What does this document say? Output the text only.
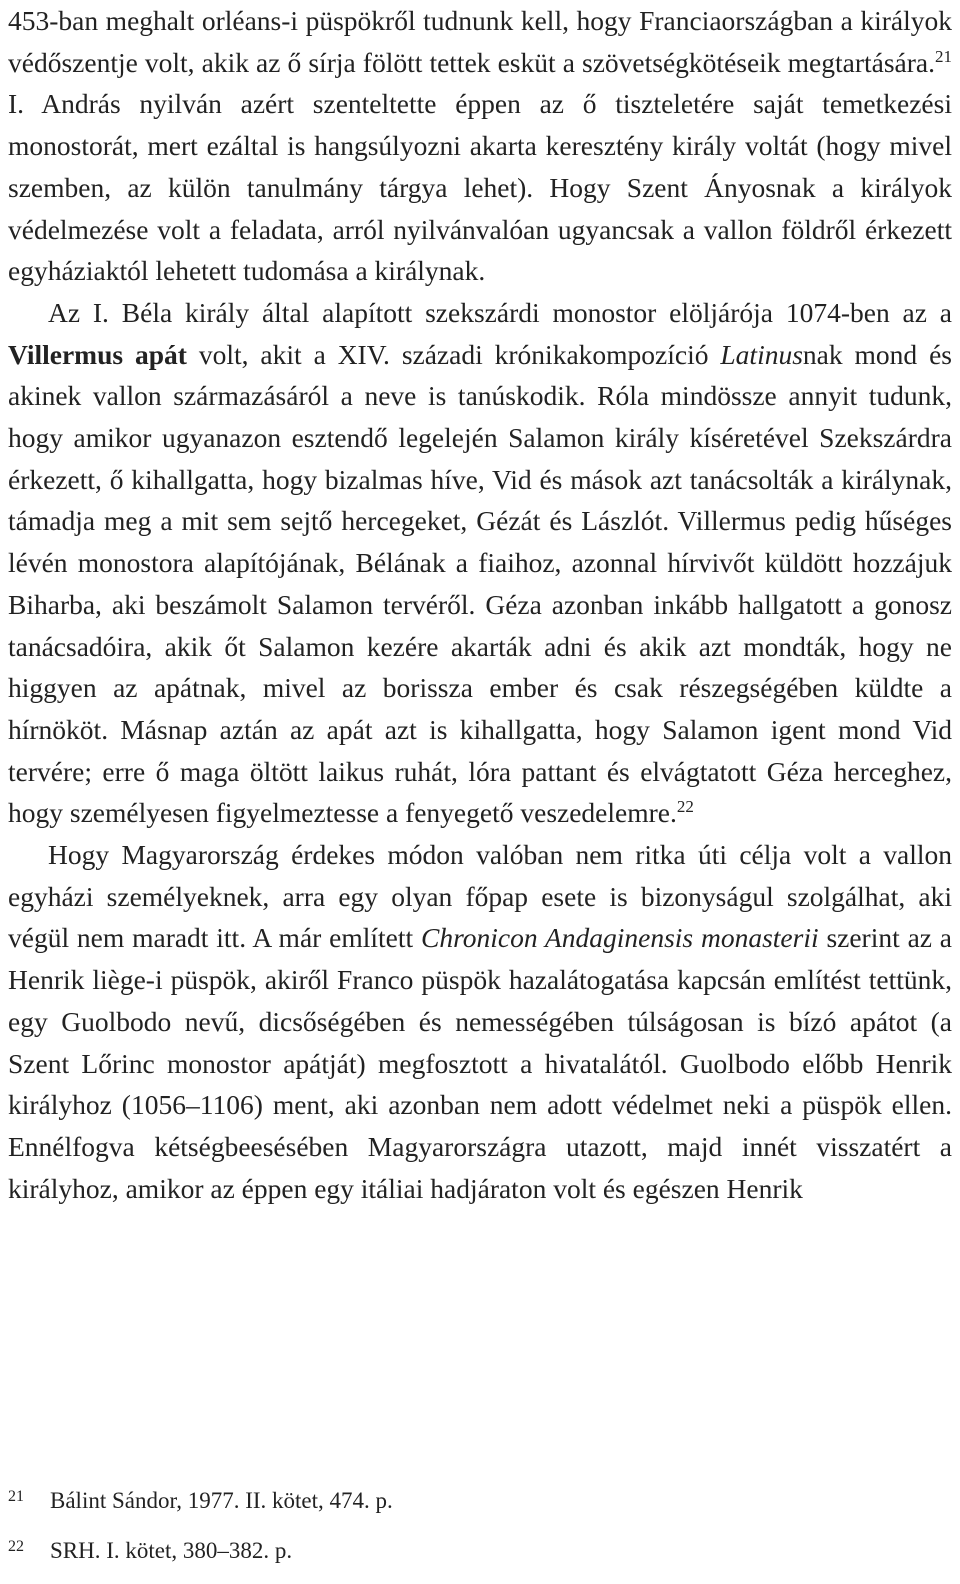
453-ban meghalt orléans-i püspökről tudnunk kell, hogy Franciaországban a királyok védőszentje volt, akik az ő sírja fölött tettek esküt a szövetségkötéseik megtartására.$^{21}$ I. András nyilván azért szenteltette éppen az ő tiszteletére saját temetkezési monostorát, mert ezáltal is hangsúlyozni akarta keresztény király voltát (hogy mivel szemben, az külön tanulmány tárgya lehet). Hogy Szent Ányosnak a királyok védelmezése volt a feladata, arról nyilvánvalóan ugyancsak a vallon földről érkezett egyháziaktól lehetett tudomása a királynak.

Az I. Béla király által alapított szekszárdi monostor elöljárója 1074-ben az a Villermus apát volt, akit a XIV. századi krónikakompozíció Latinusnak mond és akinek vallon származásáról a neve is tanúskodik. Róla mindössze annyit tudunk, hogy amikor ugyanazon esztendő legelején Salamon király kíséretével Szekszárdra érkezett, ő kihallgatta, hogy bizalmas híve, Vid és mások azt tanácsolták a királynak, támadja meg a mit sem sejtő hercegeket, Gézát és Lászlót. Villermus pedig hűséges lévén monostora alapítójának, Bélának a fiaihoz, azonnal hírvivőt küldött hozzájuk Biharba, aki beszámolt Salamon tervéről. Géza azonban inkább hallgatott a gonosz tanácsadóira, akik őt Salamon kezére akarták adni és akik azt mondták, hogy ne higgyen az apátnak, mivel az borissza ember és csak részegségében küldte a hírnököt. Másnap aztán az apát azt is kihallgatta, hogy Salamon igent mond Vid tervére; erre ő maga öltött laikus ruhát, lóra pattant és elvágtatott Géza herceghez, hogy személyesen figyelmeztesse a fenyegető veszedelemre.$^{22}$

Hogy Magyarország érdekes módon valóban nem ritka úti célja volt a vallon egyházi személyeknek, arra egy olyan főpap esete is bizonyságul szolgálhat, aki végül nem maradt itt. A már említett Chronicon Andaginensis monasterii szerint az a Henrik liège-i püspök, akiről Franco püspök hazalátogatása kapcsán említést tettünk, egy Guolbodo nevű, dicsőségében és nemességében túlságosan is bízó apátot (a Szent Lőrinc monostor apátját) megfosztott a hivatalától. Guolbodo előbb Henrik királyhoz (1056–1106) ment, aki azonban nem adott védelmet neki a püspök ellen. Ennélfogva kétségbeesésében Magyarországra utazott, majd innét visszatért a királyhoz, amikor az éppen egy itáliai hadjáraton volt és egészen Henrik

21 Bálint Sándor, 1977. II. kötet, 474. p.
22 SRH. I. kötet, 380–382. p.
